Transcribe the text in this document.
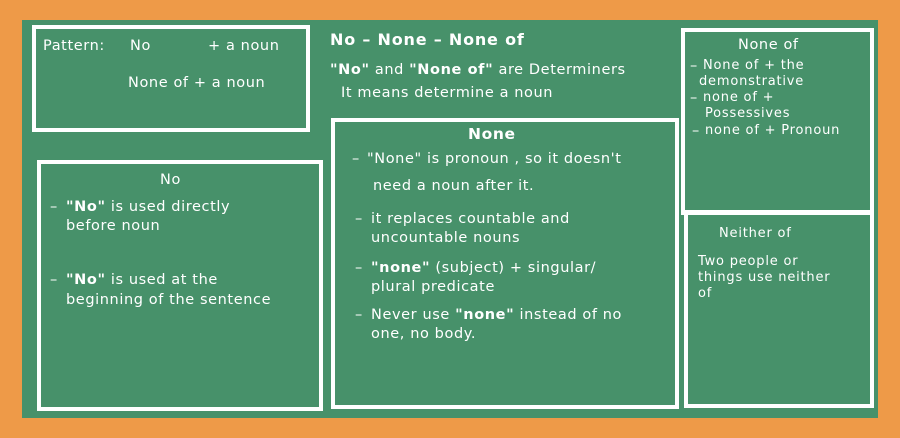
Pattern: No	+ a noun
None of + a noun
No – None – None of
"No" and "None of" are Determiners
It means determine a noun
No
– "No" is used directly
before noun
– "No" is used at the
beginning of the sentence
None
– "None" is pronoun , so it doesn't
need a noun after it.
– it replaces countable and
uncountable nouns
– "none" (subject) + singular/
plural predicate
– Never use "none" instead of no
one, no body.
None of
– None of + the
demonstrative
– none of +
Possessives
– none of + Pronoun
Neither of
Two people or
things use neither
of
